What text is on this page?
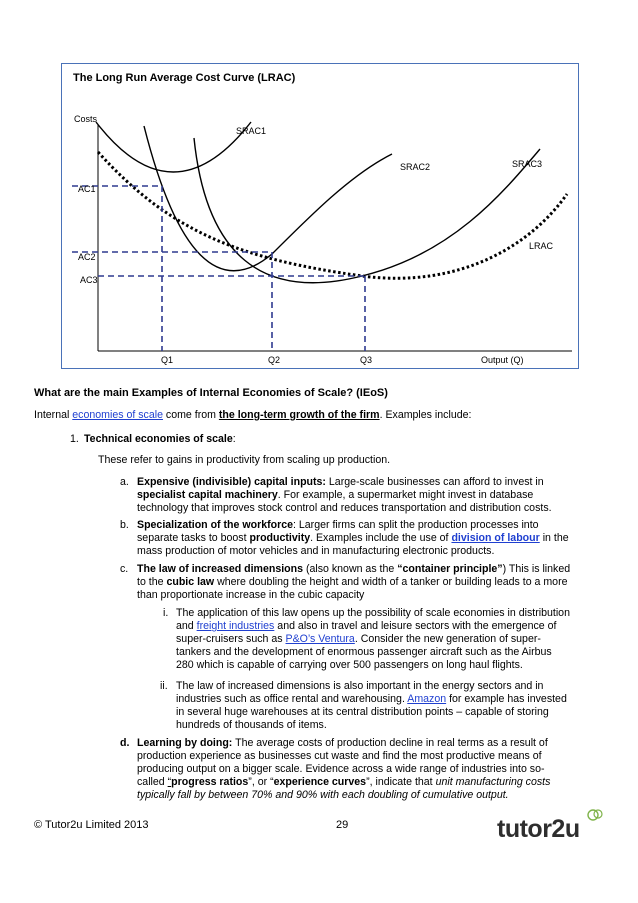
The Long Run Average Cost Curve (LRAC)
Costs
SRAC1
SRAC2	SRAC3
LRAC
AC1
AC2
AC3
Q1	Q2	Q3	Output (Q)
What are the main Examples of Internal Economies of Scale? (IEoS)
Internal economies of scale come from the long-term growth of the firm. Examples include:
1. Technical economies of scale:
These refer to gains in productivity from scaling up production.
a. Expensive (indivisible) capital inputs: Large-scale businesses can afford to invest in
specialist capital machinery. For example, a supermarket might invest in database
technology that improves stock control and reduces transportation and distribution costs.
b. Specialization of the workforce: Larger firms can split the production processes into
separate tasks to boost productivity. Examples include the use of division of labour in the
mass production of motor vehicles and in manufacturing electronic products.
c. The law of increased dimensions (also known as the “container principle”) This is linked
to the cubic law where doubling the height and width of a tanker or building leads to a more
than proportionate increase in the cubic capacity
i. The application of this law opens up the possibility of scale economies in distribution
and freight industries and also in travel and leisure sectors with the emergence of
super-cruisers such as P&O’s Ventura. Consider the new generation of super-
tankers and the development of enormous passenger aircraft such as the Airbus
280 which is capable of carrying over 500 passengers on long haul flights.
ii. The law of increased dimensions is also important in the energy sectors and in
industries such as office rental and warehousing. Amazon for example has invested
in several huge warehouses at its central distribution points – capable of storing
hundreds of thousands of items.
d. Learning by doing: The average costs of production decline in real terms as a result of
production experience as businesses cut waste and find the most productive means of
producing output on a bigger scale. Evidence across a wide range of industries into so-
called “progress ratios”, or “experience curves”, indicate that unit manufacturing costs
typically fall by between 70% and 90% with each doubling of cumulative output.
© Tutor2u Limited 2013	29	tutor2u
